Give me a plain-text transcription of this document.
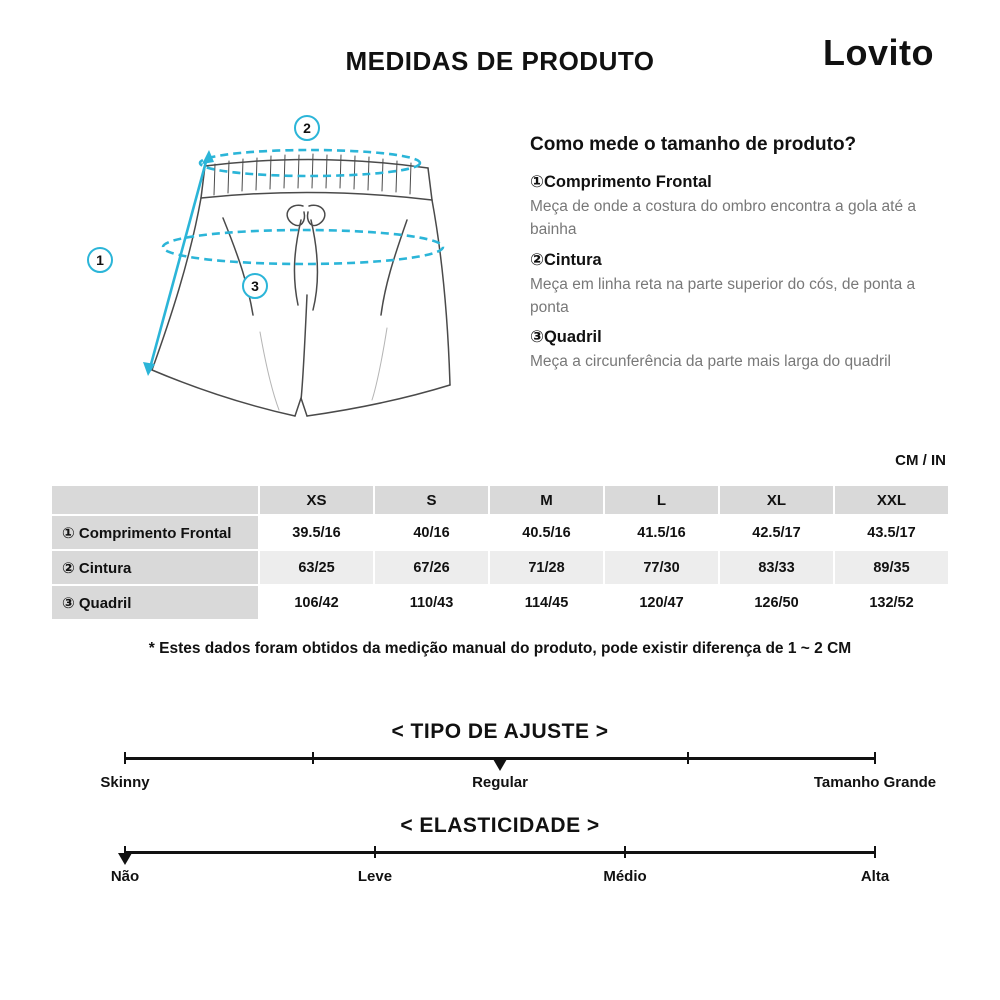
MEDIDAS DE PRODUTO	Lovito
1
2
3
Como mede o tamanho de produto?
①Comprimento Frontal
Meça de onde a costura do ombro encontra a gola até a bainha
②Cintura
Meça em linha reta na parte superior do cós, de ponta a ponta
③Quadril
Meça a circunferência da parte mais larga do quadril
CM / IN
	XS	S	M	L	XL	XXL
① Comprimento Frontal	39.5/16	40/16	40.5/16	41.5/16	42.5/17	43.5/17
② Cintura	63/25	67/26	71/28	77/30	83/33	89/35
③ Quadril	106/42	110/43	114/45	120/47	126/50	132/52
* Estes dados foram obtidos da medição manual do produto, pode existir diferença de 1 ~ 2 CM
< TIPO DE AJUSTE >
Skinny	Regular	Tamanho Grande
< ELASTICIDADE >
Não	Leve	Médio	Alta
